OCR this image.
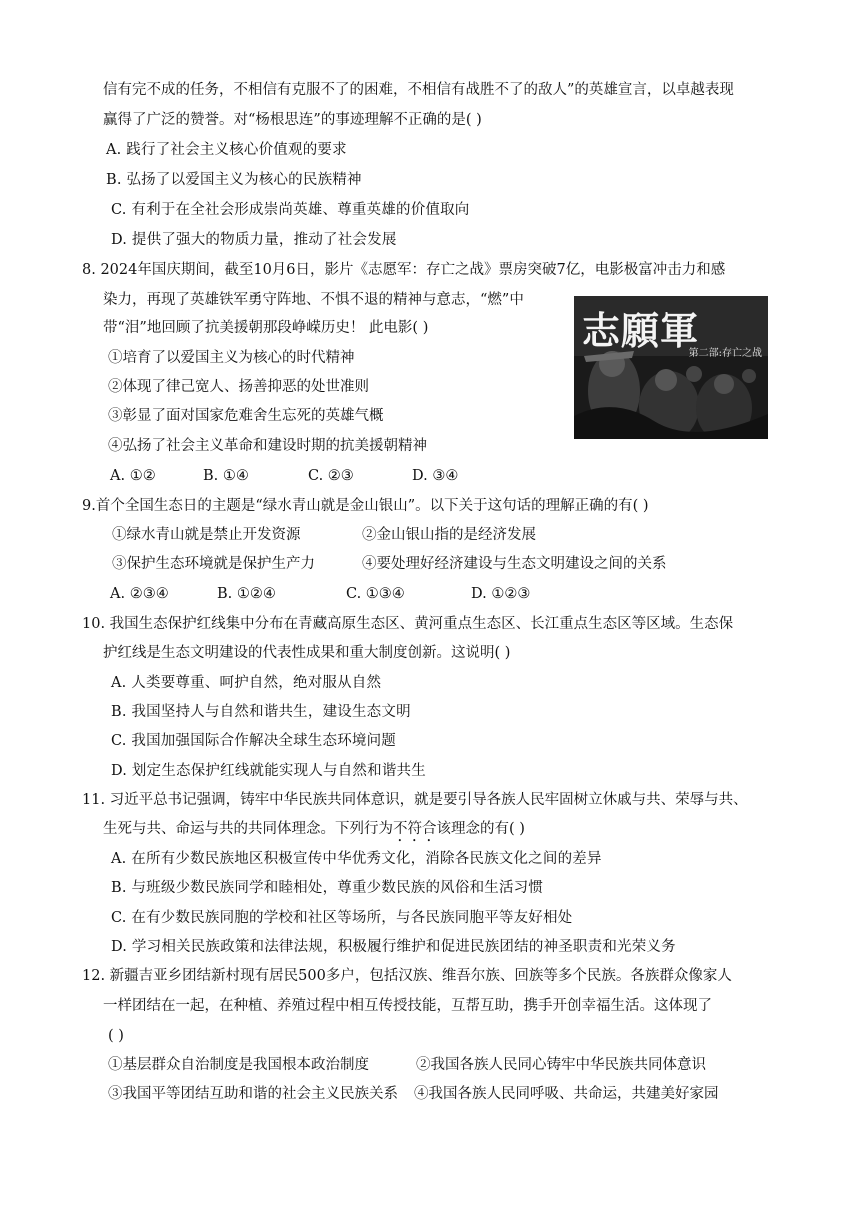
信有完不成的任务，不相信有克服不了的困难，不相信有战胜不了的敌人”的英雄宣言，以卓越表现
赢得了广泛的赞誉。对“杨根思连”的事迹理解不正确的是( )
A. 践行了社会主义核心价值观的要求
B. 弘扬了以爱国主义为核心的民族精神
C. 有利于在全社会形成崇尚英雄、尊重英雄的价值取向
D. 提供了强大的物质力量，推动了社会发展
8. 2024年国庆期间，截至10月6日，影片《志愿军：存亡之战》票房突破7亿，电影极富冲击力和感
染力，再现了英雄铁军勇守阵地、不惧不退的精神与意志，“燃”中
带“泪”地回顾了抗美援朝那段峥嵘历史！ 此电影( )
①培育了以爱国主义为核心的时代精神
②体现了律己宽人、扬善抑恶的处世准则
③彰显了面对国家危难舍生忘死的英雄气概
④弘扬了社会主义革命和建设时期的抗美援朝精神
A. ①②	B. ①④	C. ②③	D. ③④
志願軍
第二部:存亡之战
9.首个全国生态日的主题是“绿水青山就是金山银山”。以下关于这句话的理解正确的有( )
①绿水青山就是禁止开发资源	②金山银山指的是经济发展
③保护生态环境就是保护生产力	④要处理好经济建设与生态文明建设之间的关系
A. ②③④	B. ①②④	C. ①③④	D. ①②③
10. 我国生态保护红线集中分布在青藏高原生态区、黄河重点生态区、长江重点生态区等区域。生态保
护红线是生态文明建设的代表性成果和重大制度创新。这说明( )
A. 人类要尊重、呵护自然，绝对服从自然
B. 我国坚持人与自然和谐共生，建设生态文明
C. 我国加强国际合作解决全球生态环境问题
D. 划定生态保护红线就能实现人与自然和谐共生
11. 习近平总书记强调，铸牢中华民族共同体意识，就是要引导各族人民牢固树立休戚与共、荣辱与共、
生死与共、命运与共的共同体理念。下列行为不符合该理念的有( )
A. 在所有少数民族地区积极宣传中华优秀文化，消除各民族文化之间的差异
B. 与班级少数民族同学和睦相处，尊重少数民族的风俗和生活习惯
C. 在有少数民族同胞的学校和社区等场所，与各民族同胞平等友好相处
D. 学习相关民族政策和法律法规，积极履行维护和促进民族团结的神圣职责和光荣义务
12. 新疆吉亚乡团结新村现有居民500多户，包括汉族、维吾尔族、回族等多个民族。各族群众像家人
一样团结在一起，在种植、养殖过程中相互传授技能，互帮互助，携手开创幸福生活。这体现了
( )
①基层群众自治制度是我国根本政治制度	②我国各族人民同心铸牢中华民族共同体意识
③我国平等团结互助和谐的社会主义民族关系 ④我国各族人民同呼吸、共命运，共建美好家园
